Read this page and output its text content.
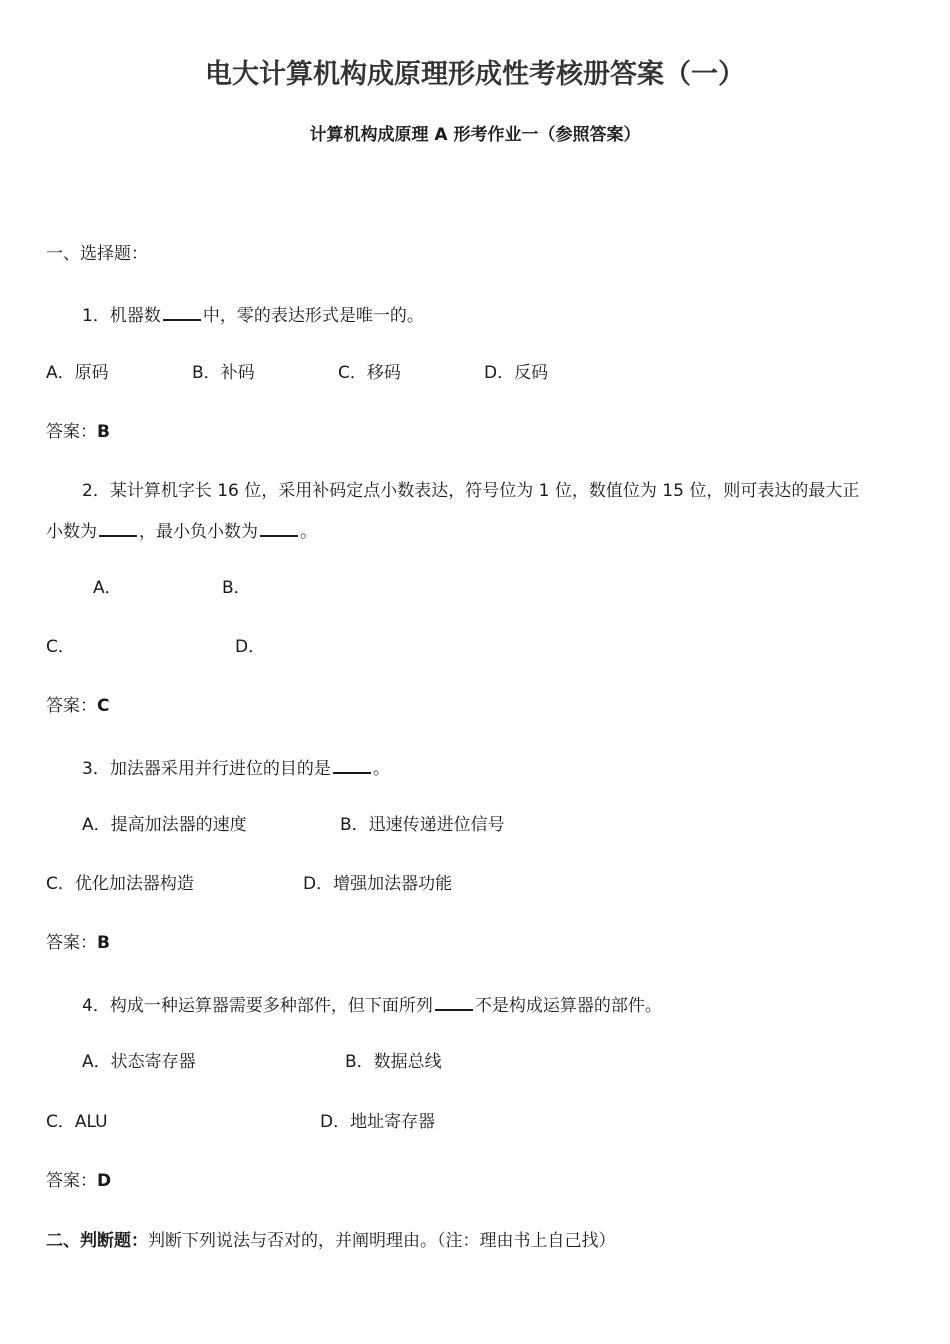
电大计算机构成原理形成性考核册答案（一）
计算机构成原理 A 形考作业一（参照答案）
一、选择题：
1．机器数 中，零的表达形式是唯一的。
A．原码	B．补码	C．移码	D．反码
答案：B
2．某计算机字长 16 位，采用补码定点小数表达，符号位为 1 位，数值位为 15 位，则可表达的最大正
小数为 ，最小负小数为 。
A．	B．
C．	D．
答案：C
3．加法器采用并行进位的目的是 。
A．提高加法器的速度	B．迅速传递进位信号
C．优化加法器构造	D．增强加法器功能
答案：B
4．构成一种运算器需要多种部件，但下面所列 不是构成运算器的部件。
A．状态寄存器	B．数据总线
C．ALU	D．地址寄存器
答案：D
二、判断题：判断下列说法与否对的，并阐明理由。（注：理由书上自己找）
